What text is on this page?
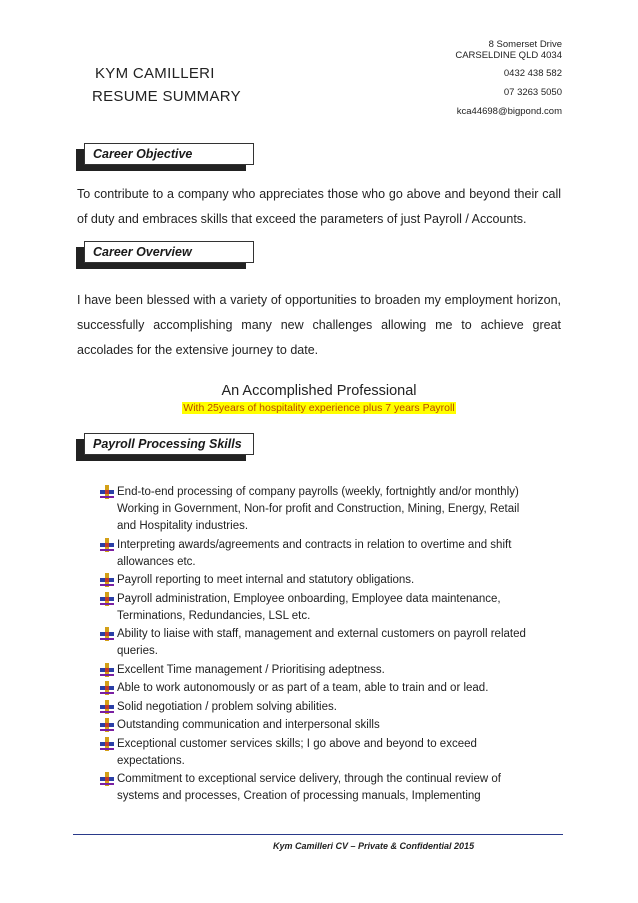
8 Somerset Drive
CARSELDINE QLD 4034
0432 438 582
07 3263 5050
kca44698@bigpond.com
KYM CAMILLERI
RESUME SUMMARY
Career Objective
To contribute to a company who appreciates those who go above and beyond their call of duty and embraces skills that exceed the parameters of just Payroll / Accounts.
Career Overview
I have been blessed with a variety of opportunities to broaden my employment horizon, successfully accomplishing many new challenges allowing me to achieve great accolades for the extensive journey to date.
An Accomplished Professional
With 25years of hospitality experience plus 7 years Payroll
Payroll Processing Skills
End-to-end processing of company payrolls (weekly, fortnightly and/or monthly) Working in Government, Non-for profit and Construction, Mining, Energy, Retail and Hospitality industries.
Interpreting awards/agreements and contracts in relation to overtime and shift allowances etc.
Payroll reporting to meet internal and statutory obligations.
Payroll administration, Employee onboarding, Employee data maintenance, Terminations, Redundancies, LSL etc.
Ability to liaise with staff, management and external customers on payroll related queries.
Excellent Time management / Prioritising adeptness.
Able to work autonomously or as part of a team, able to train and or lead.
Solid negotiation / problem solving abilities.
Outstanding communication and interpersonal skills
Exceptional customer services skills; I go above and beyond to exceed expectations.
Commitment to exceptional service delivery, through the continual review of systems and processes, Creation of processing manuals, Implementing
Kym Camilleri CV – Private & Confidential 2015
